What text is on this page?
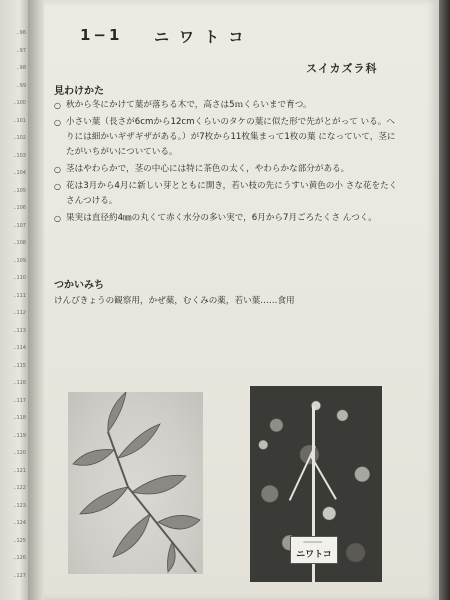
‥96
‥97
‥98
‥99
‥100
‥101
‥102
‥103
‥104
‥105
‥106
‥107
‥108
‥109
‥110
‥111
‥112
‥113
‥114
‥115
‥116
‥117
‥118
‥119
‥120
‥121
‥122
‥123
‥124
‥125
‥126
‥127
1−1 ニワトコ
スイカズラ科
見わけかた
○ 秋から冬にかけて葉が落ちる木で，高さは5ｍくらいまで育つ。
○ 小さい葉（長さが6cmから12cmくらいのタケの葉に似た形で先がとがって いる。へりには細かいギザギザがある。）が7枚から11枚集まって1枚の葉 になっていて，茎にたがいちがいについている。
○ 茎はやわらかで，茎の中心には特に茶色の太く，やわらかな部分がある。
○ 花は3月から4月に新しい芽とともに開き，若い枝の先にうすい黄色の小 さな花をたくさんつける。
○ 果実は直径約4㎜の丸くて赤く水分の多い実で，6月から7月ごろたくさ んつく。
つかいみち
けんびきょうの観察用，かぜ薬，むくみの薬，若い葉……食用
▭▭▭▭▭
ニワトコ
